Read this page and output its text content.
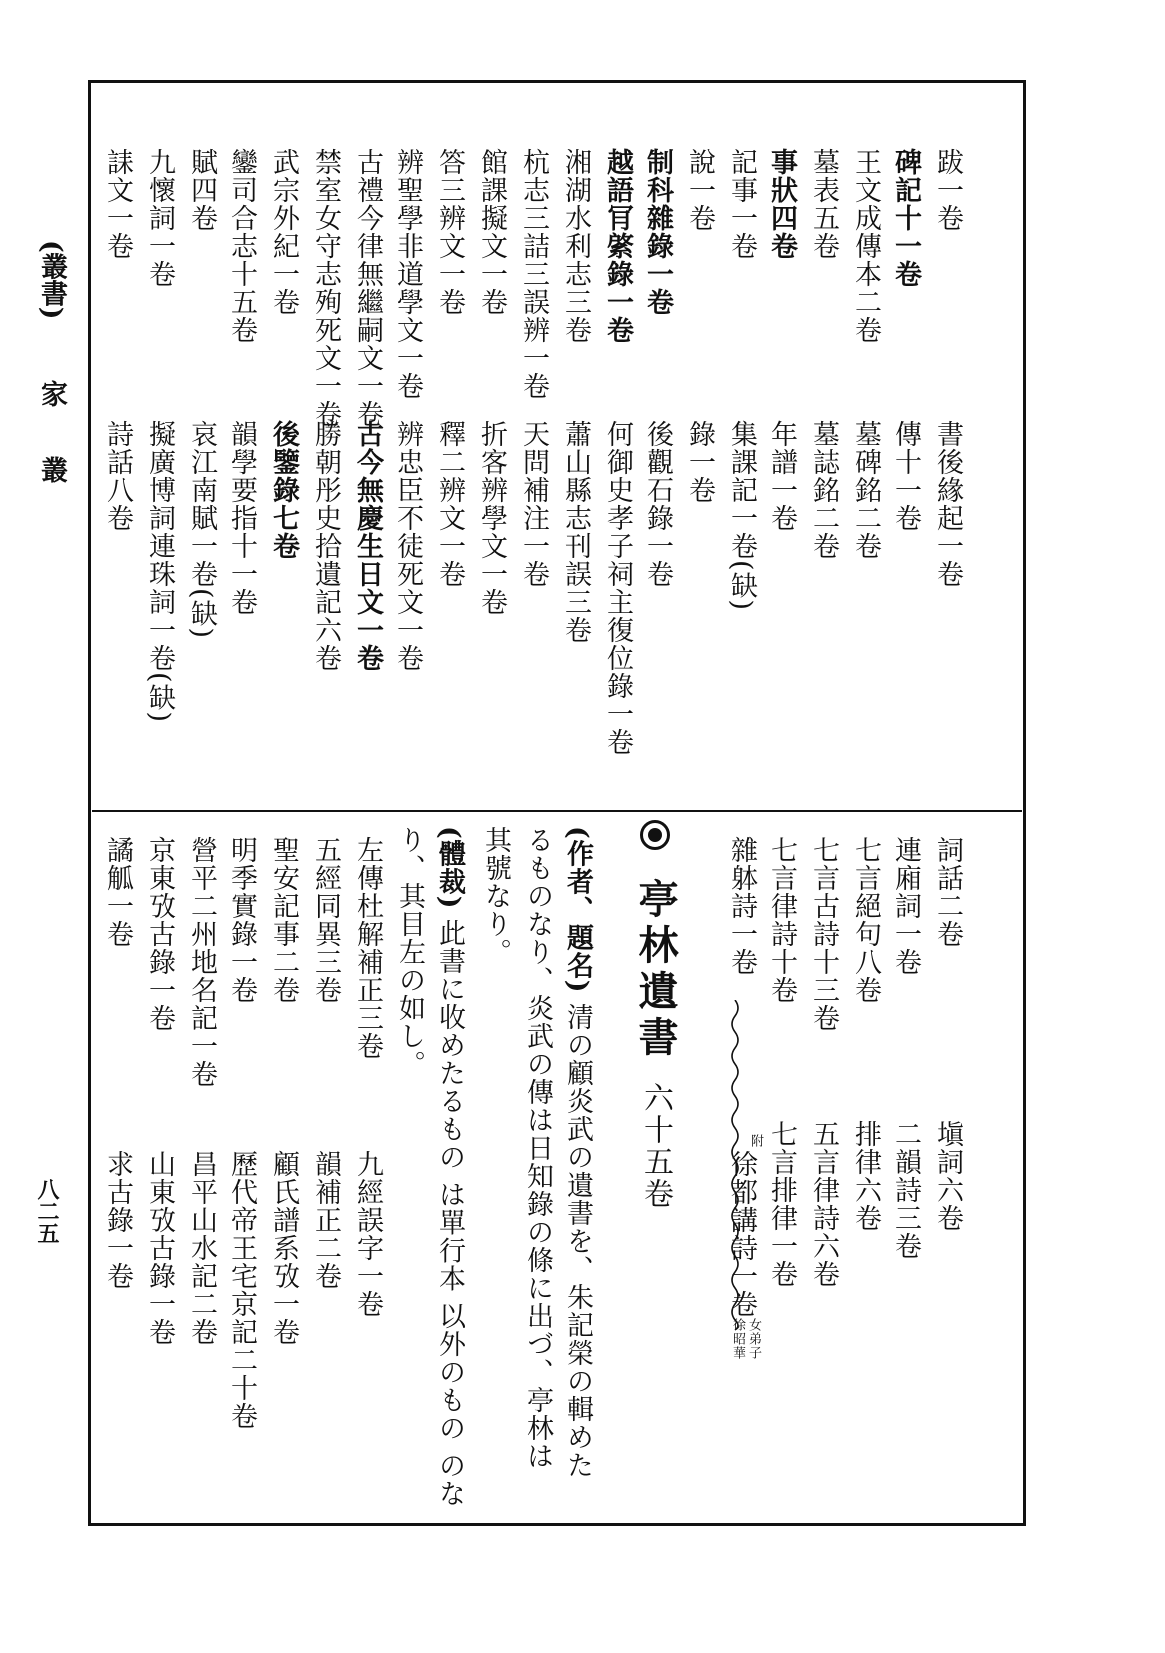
(叢書)
家 叢
八二五
跋一卷
書後緣起一卷
碑記十一卷
傳十一卷
王文成傳本二卷
墓碑銘二卷
墓表五卷
墓誌銘二卷
事狀四卷
年譜一卷
記事一卷
集課記一卷(缺)
說一卷
錄一卷
制科雜錄一卷
後觀石錄一卷
越語肎綮錄一卷
何御史孝子祠主復位錄一卷
湘湖水利志三卷
蕭山縣志刊誤三卷
杭志三詰三誤辨一卷
天問補注一卷
館課擬文一卷
折客辨學文一卷
答三辨文一卷
釋二辨文一卷
辨聖學非道學文一卷
辨忠臣不徒死文一卷
古禮今律無繼嗣文一卷
古今無慶生日文一卷
禁室女守志殉死文一卷
勝朝彤史拾遺記六卷
武宗外紀一卷
後鑒錄七卷
鑾司合志十五卷
韻學要指十一卷
賦四卷
哀江南賦一卷(缺)
九懷詞一卷
擬廣博詞連珠詞一卷(缺)
誄文一卷
詩話八卷
詞話二卷
塡詞六卷
連廂詞一卷
二韻詩三卷
七言絕句八卷
排律六卷
七言古詩十三卷
五言律詩六卷
七言律詩十卷
七言排律一卷
雜躰詩一卷
附
徐都講詩一卷
女弟子
徐昭華
亭林遺書 六十五卷
(作者、題名) 清の顧炎武の遺書を、朱記榮の輯めた
るものなり、炎武の傳は日知錄の條に出づ、亭林は
其號なり。
(體裁) 此書に收めたるもの は單行本 以外のもの のな
り、其目左の如し。
左傳杜解補正三卷
九經誤字一卷
五經同異三卷
韻補正二卷
聖安記事二卷
顧氏譜系攷一卷
明季實錄一卷
歷代帝王宅京記二十卷
營平二州地名記一卷
昌平山水記二卷
京東攷古錄一卷
山東攷古錄一卷
譎觚一卷
求古錄一卷
